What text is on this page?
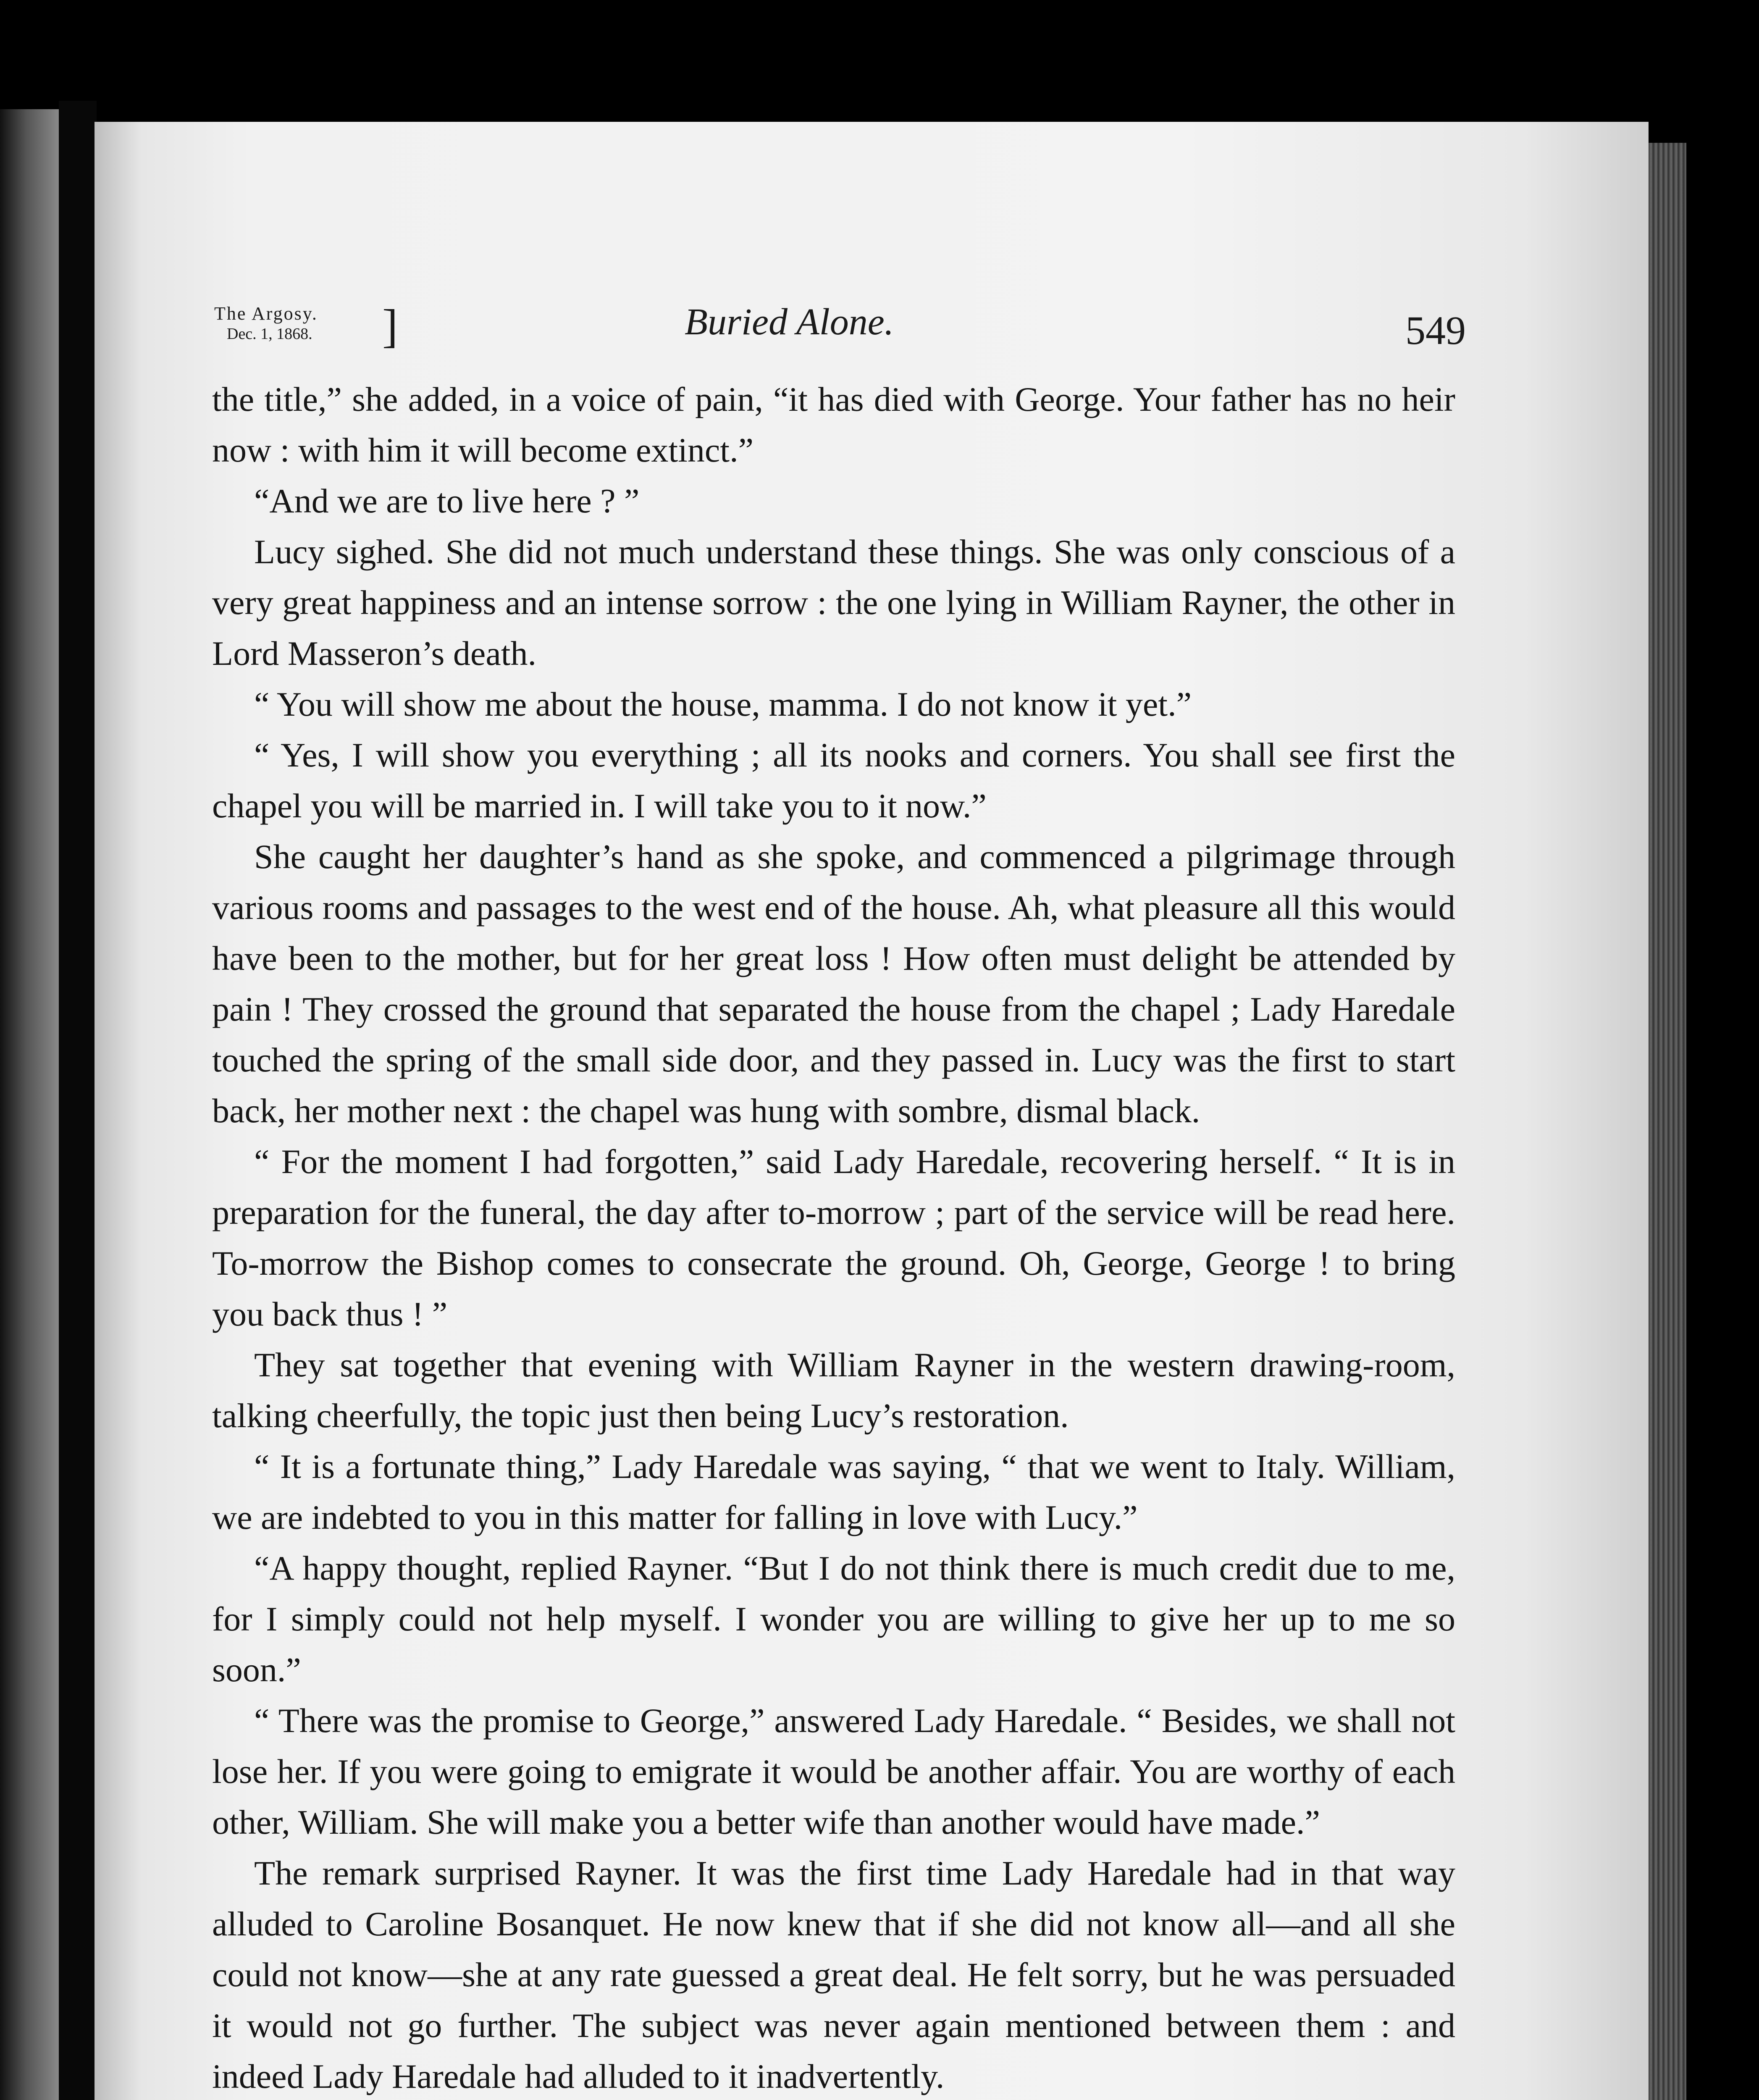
The Argosy.
Dec. 1, 1868. ]	Buried Alone.	549

the title,” she added, in a voice of pain, “it has died with George. Your father has no heir now : with him it will become extinct.”

“And we are to live here ? ”

Lucy sighed. She did not much understand these things. She was only conscious of a very great happiness and an intense sorrow : the one lying in William Rayner, the other in Lord Masseron’s death.

“ You will show me about the house, mamma. I do not know it yet.”

“ Yes, I will show you everything ; all its nooks and corners. You shall see first the chapel you will be married in. I will take you to it now.”

She caught her daughter’s hand as she spoke, and commenced a pilgrimage through various rooms and passages to the west end of the house. Ah, what pleasure all this would have been to the mother, but for her great loss ! How often must delight be attended by pain ! They crossed the ground that separated the house from the chapel ; Lady Haredale touched the spring of the small side door, and they passed in. Lucy was the first to start back, her mother next : the chapel was hung with sombre, dismal black.

“ For the moment I had forgotten,” said Lady Haredale, recovering herself. “ It is in preparation for the funeral, the day after to-morrow ; part of the service will be read here. To-morrow the Bishop comes to consecrate the ground. Oh, George, George ! to bring you back thus ! ”

They sat together that evening with William Rayner in the western drawing-room, talking cheerfully, the topic just then being Lucy’s restoration.

“ It is a fortunate thing,” Lady Haredale was saying, “ that we went to Italy. William, we are indebted to you in this matter for falling in love with Lucy.”

“A happy thought, replied Rayner. “But I do not think there is much credit due to me, for I simply could not help myself. I wonder you are willing to give her up to me so soon.”

“ There was the promise to George,” answered Lady Haredale. “ Besides, we shall not lose her. If you were going to emigrate it would be another affair. You are worthy of each other, William. She will make you a better wife than another would have made.”

The remark surprised Rayner. It was the first time Lady Haredale had in that way alluded to Caroline Bosanquet. He now knew that if she did not know all—and all she could not know—she at any rate guessed a great deal. He felt sorry, but he was persuaded it would not go further. The subject was never again mentioned between them : and indeed Lady Haredale had alluded to it inadvertently.
